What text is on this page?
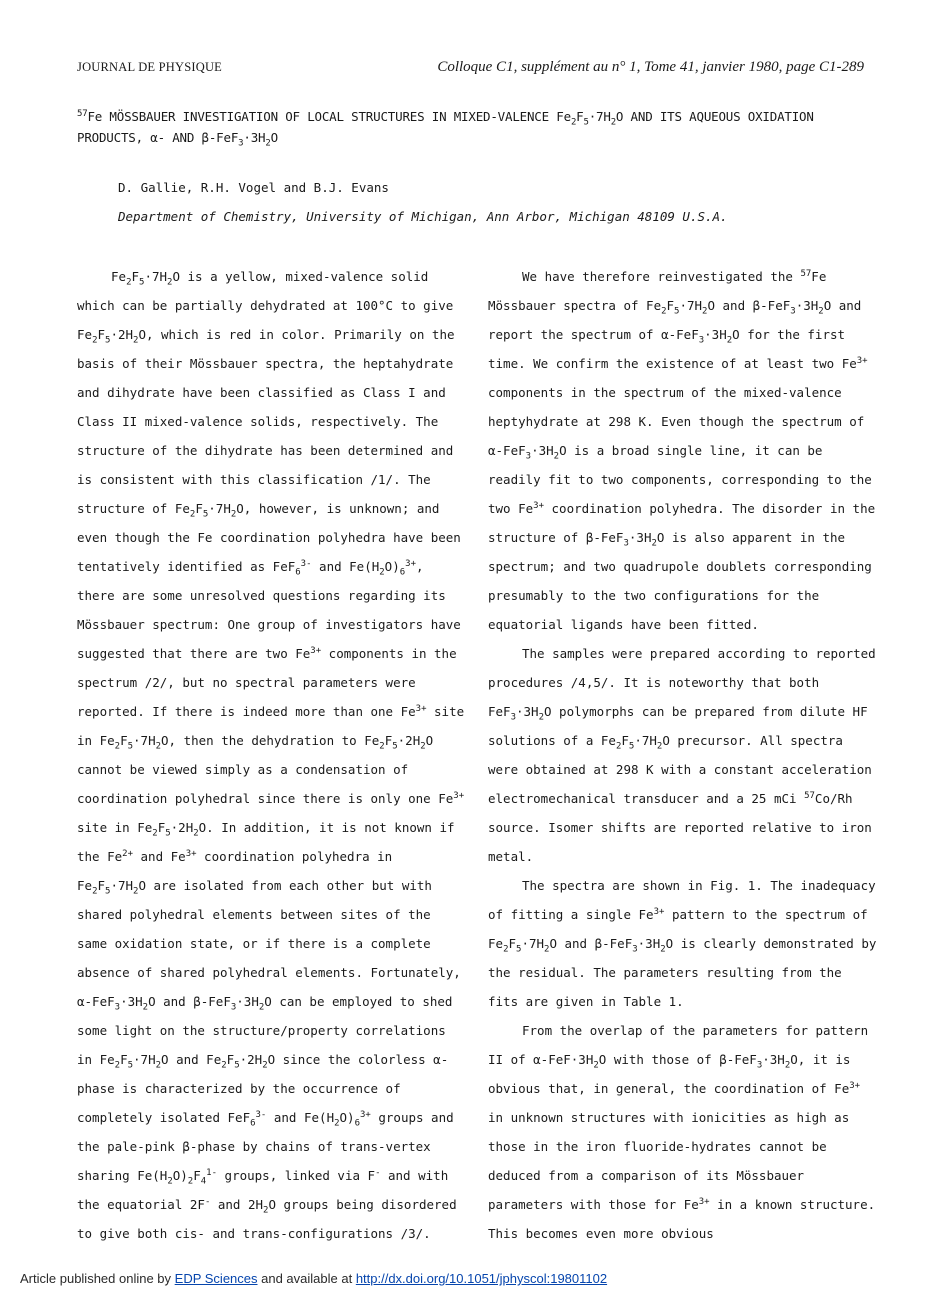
JOURNAL DE PHYSIQUE	Colloque C1, supplément au n° 1, Tome 41, janvier 1980, page C1-289
$^{57}$Fe MÖSSBAUER INVESTIGATION OF LOCAL STRUCTURES IN MIXED-VALENCE $Fe_2F_5\cdot 7H_2O$ AND ITS AQUEOUS OXIDATION PRODUCTS, α- AND $\beta-FeF_3\cdot 3H_2O$
D. Gallie, R.H. Vogel and B.J. Evans
Department of Chemistry, University of Michigan, Ann Arbor, Michigan 48109 U.S.A.

$Fe_2F_5\cdot 7H_2O$ is a yellow, mixed-valence solid which can be partially dehydrated at 100°C to give $Fe_2F_5\cdot 2H_2O$, which is red in color. Primarily on the basis of their Mössbauer spectra, the heptahydrate and dihydrate have been classified as Class I and Class II mixed-valence solids, respectively. The structure of the dihydrate has been determined and is consistent with this classification /1/. The structure of $Fe_2F_5\cdot 7H_2O$, however, is unknown; and even though the Fe coordination polyhedra have been tentatively identified as FeF$_6^{3-}$ and $Fe(H_2O)_6^{3+}$, there are some unresolved questions regarding its Mössbauer spectrum: One group of investigators have suggested that there are two $Fe^{3+}$ components in the spectrum /2/, but no spectral parameters were reported. If there is indeed more than one $Fe^{3+}$ site in $Fe_2F_5\cdot 7H_2O$, then the dehydration to $Fe_2F_5\cdot 2H_2O$ cannot be viewed simply as a condensation of coordination polyhedral since there is only one $Fe^{3+}$ site in $Fe_2F_5\cdot 2H_2O$. In addition, it is not known if the $Fe^{2+}$ and $Fe^{3+}$ coordination polyhedra in $Fe_2F_5\cdot 7H_2O$ are isolated from each other but with shared polyhedral elements between sites of the same oxidation state, or if there is a complete absence of shared polyhedral elements. Fortunately, $\alpha-FeF_3\cdot 3H_2O$ and $\beta-FeF_3\cdot 3H_2O$ can be employed to shed some light on the structure/property correlations in $Fe_2F_5\cdot 7H_2O$ and $Fe_2F_5\cdot 2H_2O$ since the colorless α-phase is characterized by the occurrence of completely isolated FeF$_6^{3-}$ and $Fe(H_2O)_6^{3+}$ groups and the pale-pink β-phase by chains of trans-vertex sharing $Fe(H_2O)_2F_4^{1-}$ groups, linked via F- and with the equatorial 2F- and $2H_2O$ groups being disordered to give both cis- and trans-configurations /3/.

We have therefore reinvestigated the $^{57}$Fe Mössbauer spectra of $Fe_2F_5\cdot 7H_2O$ and $\beta-FeF_3\cdot 3H_2O$ and report the spectrum of $\alpha-FeF_3\cdot 3H_2O$ for the first time. We confirm the existence of at least two $Fe^{3+}$ components in the spectrum of the mixed-valence heptyhydrate at 298 K. Even though the spectrum of $\alpha-FeF_3\cdot 3H_2O$ is a broad single line, it can be readily fit to two components, corresponding to the two $Fe^{3+}$ coordination polyhedra. The disorder in the structure of $\beta-FeF_3\cdot 3H_2O$ is also apparent in the spectrum; and two quadrupole doublets corresponding presumably to the two configurations for the equatorial ligands have been fitted.

The samples were prepared according to reported procedures /4,5/. It is noteworthy that both $FeF_3\cdot 3H_2O$ polymorphs can be prepared from dilute HF solutions of a $Fe_2F_5\cdot 7H_2O$ precursor. All spectra were obtained at 298 K with a constant acceleration electromechanical transducer and a 25 mCi $^{57}$Co/Rh source. Isomer shifts are reported relative to iron metal.

The spectra are shown in Fig. 1. The inadequacy of fitting a single $Fe^{3+}$ pattern to the spectrum of $Fe_2F_5\cdot 7H_2O$ and $\beta-FeF_3\cdot 3H_2O$ is clearly demonstrated by the residual. The parameters resulting from the fits are given in Table 1.

From the overlap of the parameters for pattern II of $\alpha-FeF\cdot 3H_2O$ with those of $\beta-FeF_3\cdot 3H_2O$, it is obvious that, in general, the coordination of $Fe^{3+}$ in unknown structures with ionicities as high as those in the iron fluoride-hydrates cannot be deduced from a comparison of its Mössbauer parameters with those for $Fe^{3+}$ in a known structure. This becomes even more obvious

Article published online by EDP Sciences and available at http://dx.doi.org/10.1051/jphyscol:19801102
